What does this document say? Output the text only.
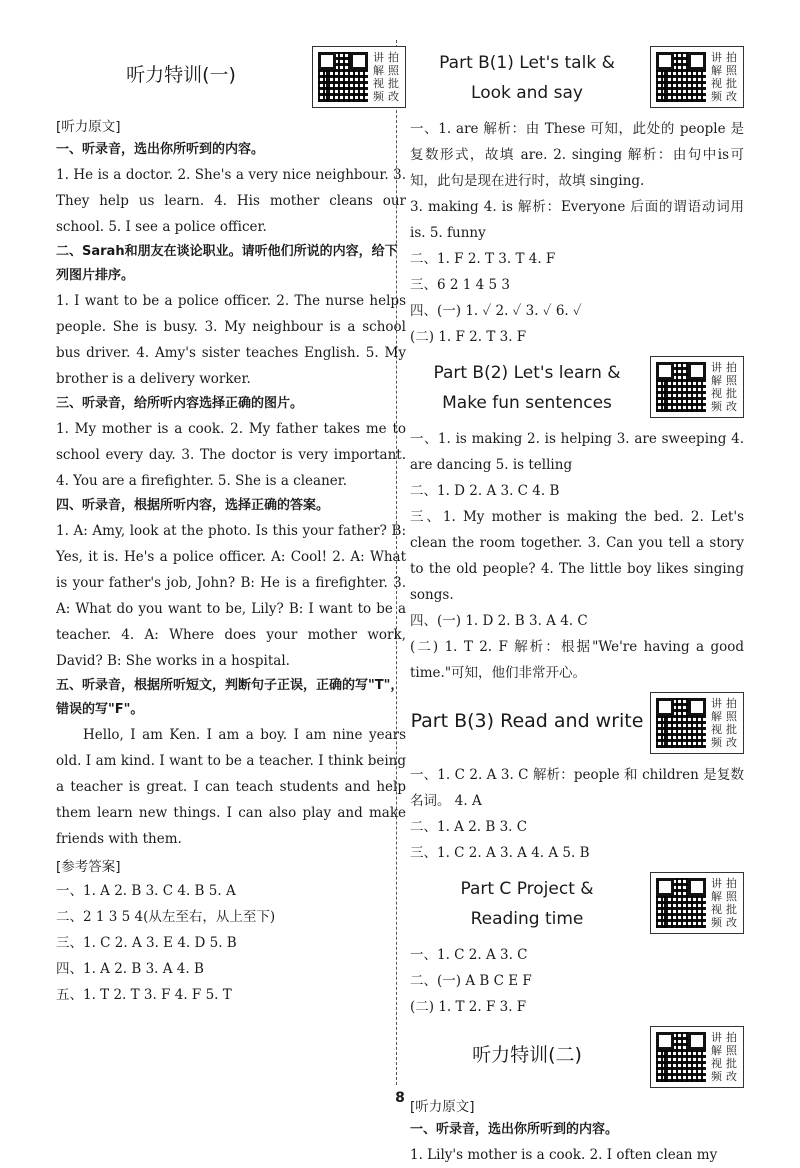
听力特训(一)
讲 拍
解 照
视 批
频 改
[听力原文]
一、听录音，选出你所听到的内容。

1. He is a doctor. 2. She's a very nice neighbour. 3. They help us learn. 4. His mother cleans our school. 5. I see a police officer.

二、Sarah和朋友在谈论职业。请听他们所说的内容，给下列图片排序。

1. I want to be a police officer. 2. The nurse helps people. She is busy. 3. My neighbour is a school bus driver. 4. Amy's sister teaches English. 5. My brother is a delivery worker.

三、听录音，给所听内容选择正确的图片。

1. My mother is a cook. 2. My father takes me to school every day. 3. The doctor is very important. 4. You are a firefighter. 5. She is a cleaner.

四、听录音，根据所听内容，选择正确的答案。

1. A: Amy, look at the photo. Is this your father? B: Yes, it is. He's a police officer. A: Cool! 2. A: What is your father's job, John? B: He is a firefighter. 3. A: What do you want to be, Lily? B: I want to be a teacher. 4. A: Where does your mother work, David? B: She works in a hospital.

五、听录音，根据所听短文，判断句子正误，正确的写"T"，错误的写"F"。

Hello, I am Ken. I am a boy. I am nine years old. I am kind. I want to be a teacher. I think being a teacher is great. I can teach students and help them learn new things. I can also play and make friends with them.

[参考答案]

一、1. A 2. B 3. C 4. B 5. A

二、2 1 3 5 4(从左至右，从上至下)

三、1. C 2. A 3. E 4. D 5. B

四、1. A 2. B 3. A 4. B

五、1. T 2. T 3. F 4. F 5. T

Part B(1) Let's talk &
Look and say
讲 拍
解 照
视 批
频 改

一、1. are 解析：由 These 可知，此处的 people 是复数形式，故填 are. 2. singing 解析：由句中is可知，此句是现在进行时，故填 singing.

3. making 4. is 解析：Everyone 后面的谓语动词用 is. 5. funny

二、1. F 2. T 3. T 4. F

三、6 2 1 4 5 3

四、(一) 1. ✓ 2. ✓ 3. ✓ 6. ✓

(二) 1. F 2. T 3. F

Part B(2) Let's learn &
Make fun sentences
讲 拍
解 照
视 批
频 改

一、1. is making 2. is helping 3. are sweeping 4. are dancing 5. is telling

二、1. D 2. A 3. C 4. B

三、1. My mother is making the bed. 2. Let's clean the room together. 3. Can you tell a story to the old people? 4. The little boy likes singing songs.

四、(一) 1. D 2. B 3. A 4. C

(二) 1. T 2. F 解析：根据"We're having a good time."可知，他们非常开心。

Part B(3) Read and write
讲 拍
解 照
视 批
频 改

一、1. C 2. A 3. C 解析：people 和 children 是复数名词。 4. A

二、1. A 2. B 3. C

三、1. C 2. A 3. A 4. A 5. B

Part C Project &
Reading time
讲 拍
解 照
视 批
频 改

一、1. C 2. A 3. C

二、(一) A B C E F

(二) 1. T 2. F 3. F

听力特训(二)
讲 拍
解 照
视 批
频 改
[听力原文]
一、听录音，选出你所听到的内容。

1. Lily's mother is a cook. 2. I often clean my

8
